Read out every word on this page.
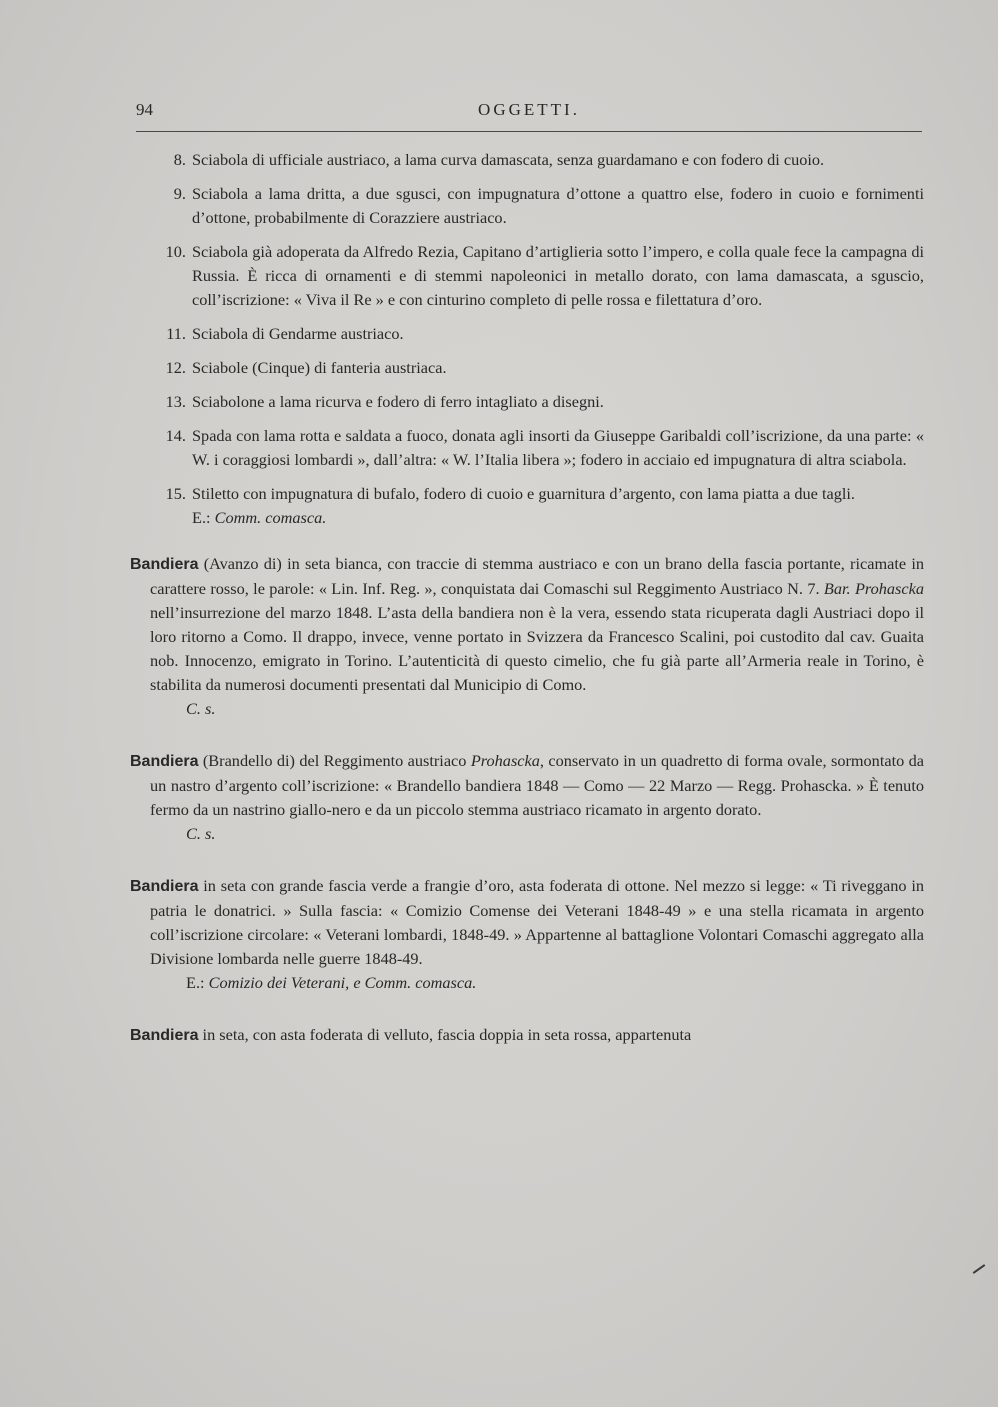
94	OGGETTI.
8. Sciabola di ufficiale austriaco, a lama curva damascata, senza guardamano e con fodero di cuoio.
9. Sciabola a lama dritta, a due sgusci, con impugnatura d’ottone a quattro else, fodero in cuoio e fornimenti d’ottone, probabilmente di Corazziere austriaco.
10. Sciabola già adoperata da Alfredo Rezia, Capitano d’artiglieria sotto l’impero, e colla quale fece la campagna di Russia. È ricca di ornamenti e di stemmi napoleonici in metallo dorato, con lama damascata, a sguscio, coll’iscrizione: « Viva il Re » e con cinturino completo di pelle rossa e filettatura d’oro.
11. Sciabola di Gendarme austriaco.
12. Sciabole (Cinque) di fanteria austriaca.
13. Sciabolone a lama ricurva e fodero di ferro intagliato a disegni.
14. Spada con lama rotta e saldata a fuoco, donata agli insorti da Giuseppe Garibaldi coll’iscrizione, da una parte: « W. i coraggiosi lombardi », dall’altra: « W. l’Italia libera »; fodero in acciaio ed impugnatura di altra sciabola.
15. Stiletto con impugnatura di bufalo, fodero di cuoio e guarnitura d’argento, con lama piatta a due tagli.
E.: Comm. comasca.
Bandiera (Avanzo di) in seta bianca, con traccie di stemma austriaco e con un brano della fascia portante, ricamate in carattere rosso, le parole: « Lin. Inf. Reg. », conquistata dai Comaschi sul Reggimento Austriaco N. 7. Bar. Prohascka nell’insurrezione del marzo 1848. L’asta della bandiera non è la vera, essendo stata ricuperata dagli Austriaci dopo il loro ritorno a Como. Il drappo, invece, venne portato in Svizzera da Francesco Scalini, poi custodito dal cav. Guaita nob. Innocenzo, emigrato in Torino. L’autenticità di questo cimelio, che fu già parte all’Armeria reale in Torino, è stabilita da numerosi documenti presentati dal Municipio di Como.
C. s.
Bandiera (Brandello di) del Reggimento austriaco Prohascka, conservato in un quadretto di forma ovale, sormontato da un nastro d’argento coll’iscrizione: « Brandello bandiera 1848 — Como — 22 Marzo — Regg. Prohascka. » È tenuto fermo da un nastrino giallo-nero e da un piccolo stemma austriaco ricamato in argento dorato.
C. s.
Bandiera in seta con grande fascia verde a frangie d’oro, asta foderata di ottone. Nel mezzo si legge: « Ti riveggano in patria le donatrici. » Sulla fascia: « Comizio Comense dei Veterani 1848-49 » e una stella ricamata in argento coll’iscrizione circolare: « Veterani lombardi, 1848-49. » Appartenne al battaglione Volontari Comaschi aggregato alla Divisione lombarda nelle guerre 1848-49.
E.: Comizio dei Veterani, e Comm. comasca.
Bandiera in seta, con asta foderata di velluto, fascia doppia in seta rossa, appartenuta
